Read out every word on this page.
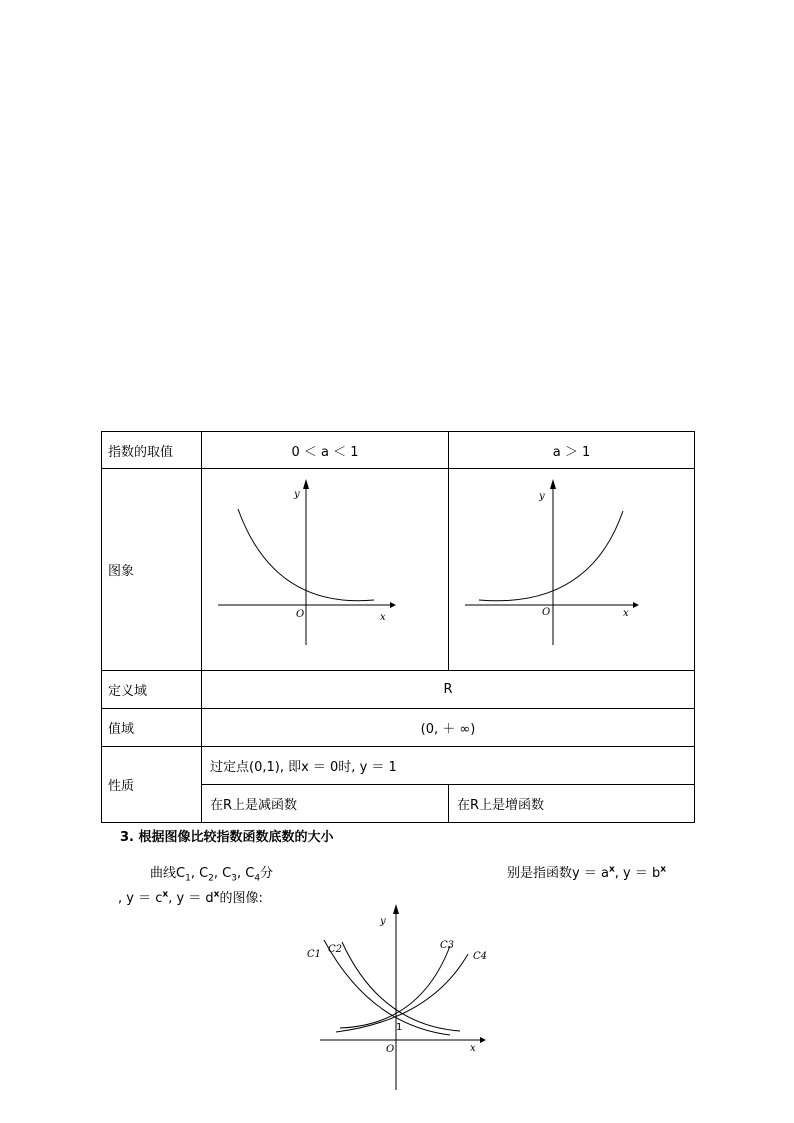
指数的取值	0 ＜ a ＜ 1	a ＞ 1
图象	y
x
O	y
x
O

定义域	R	
值域	(0, ＋ ∞)	
性质	过定点(0,1), 即x ＝ 0时, y ＝ 1	
	在R上是减函数	在R上是增函数
3. 根据图像比较指数函数底数的大小
曲线$C_1$, $C_2$, $C_3$, $C_4$分	别是指函数$y = a^x$, $y = b^x$
, $y = c^x$, $y = d^x$的图像:
y
x
O
1
C1 C2	C3
C4
